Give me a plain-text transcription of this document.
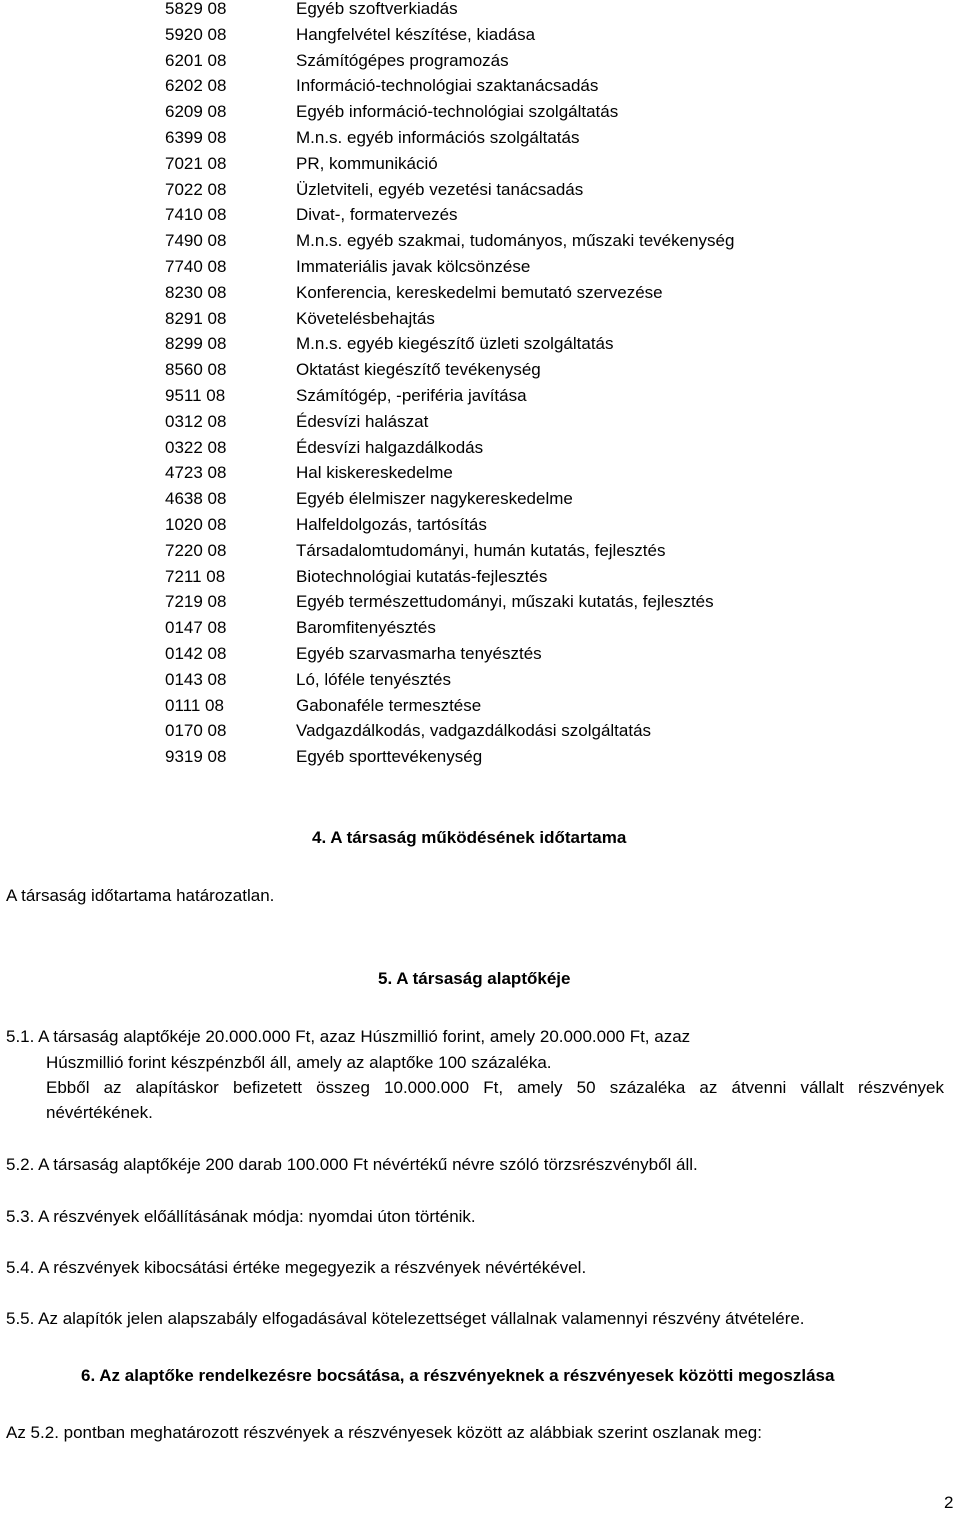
5829 08	Egyéb szoftverkiadás
5920 08	Hangfelvétel készítése, kiadása
6201 08	Számítógépes programozás
6202 08	Információ-technológiai szaktanácsadás
6209 08	Egyéb információ-technológiai szolgáltatás
6399 08	M.n.s. egyéb információs szolgáltatás
7021 08	PR, kommunikáció
7022 08	Üzletviteli, egyéb vezetési tanácsadás
7410 08	Divat-, formatervezés
7490 08	M.n.s. egyéb szakmai, tudományos, műszaki tevékenység
7740 08	Immateriális javak kölcsönzése
8230 08	Konferencia, kereskedelmi bemutató szervezése
8291 08	Követelésbehajtás
8299 08	M.n.s. egyéb kiegészítő üzleti szolgáltatás
8560 08	Oktatást kiegészítő tevékenység
9511 08	Számítógép, -periféria javítása
0312 08	Édesvízi halászat
0322 08	Édesvízi halgazdálkodás
4723 08	Hal kiskereskedelme
4638 08	Egyéb élelmiszer nagykereskedelme
1020 08	Halfeldolgozás, tartósítás
7220 08	Társadalomtudományi, humán kutatás, fejlesztés
7211 08	Biotechnológiai kutatás-fejlesztés
7219 08	Egyéb természettudományi, műszaki kutatás, fejlesztés
0147 08	Baromfitenyésztés
0142 08	Egyéb szarvasmarha tenyésztés
0143 08	Ló, lóféle tenyésztés
0111 08	Gabonaféle termesztése
0170 08	Vadgazdálkodás, vadgazdálkodási szolgáltatás
9319 08	Egyéb sporttevékenység
4. A társaság működésének időtartama
A társaság időtartama határozatlan.
5. A társaság alaptőkéje
5.1. A társaság alaptőkéje 20.000.000 Ft, azaz Húszmillió forint, amely 20.000.000 Ft, azaz
Húszmillió forint készpénzből áll, amely az alaptőke 100 százaléka.
Ebből az alapításkor befizetett összeg 10.000.000 Ft, amely 50 százaléka az átvenni vállalt részvények
névértékének.
5.2. A társaság alaptőkéje 200 darab 100.000 Ft névértékű névre szóló törzsrészvényből áll.
5.3. A részvények előállításának módja: nyomdai úton történik.
5.4. A részvények kibocsátási értéke megegyezik a részvények névértékével.
5.5. Az alapítók jelen alapszabály elfogadásával kötelezettséget vállalnak valamennyi részvény átvételére.
6. Az alaptőke rendelkezésre bocsátása, a részvényeknek a részvényesek közötti megoszlása
Az 5.2. pontban meghatározott részvények a részvényesek között az alábbiak szerint oszlanak meg:
2
